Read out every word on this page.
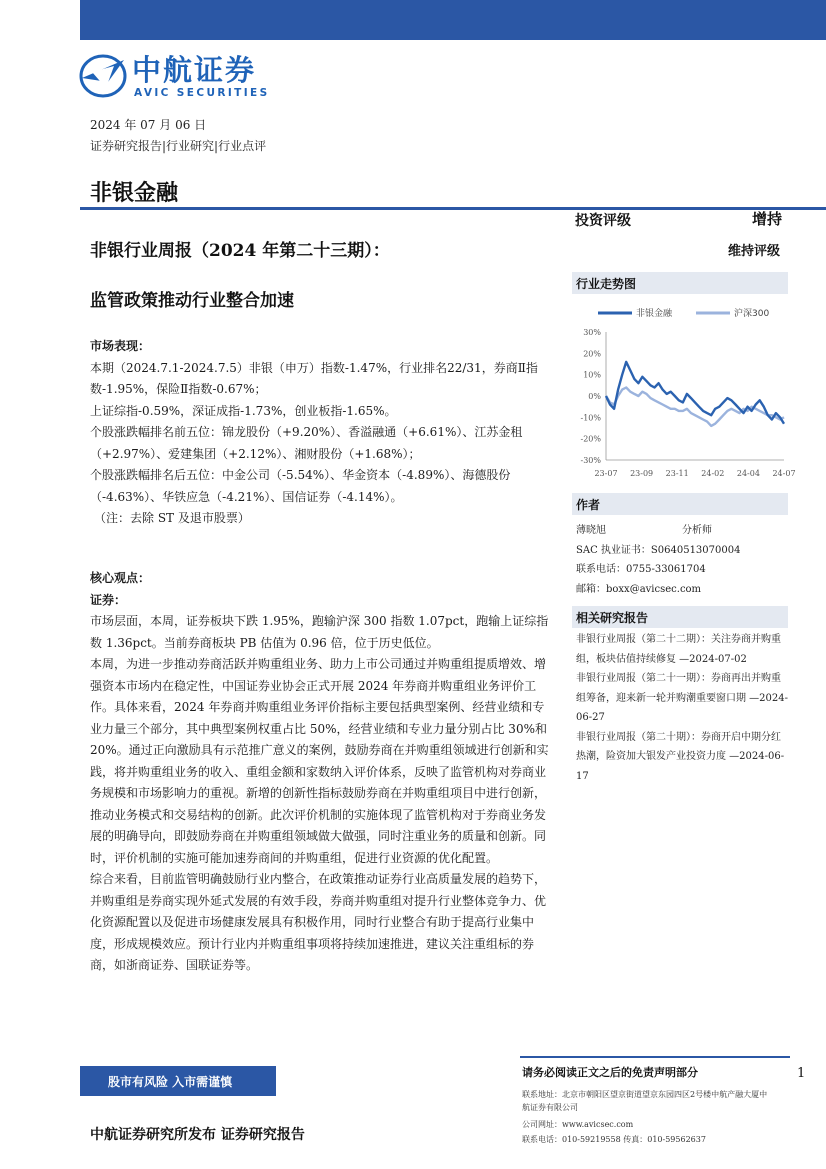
中航证券
AVIC SECURITIES
2024 年 07 月 06 日
证券研究报告|行业研究|行业点评
非银金融
非银行业周报（2024 年第二十三期）：
监管政策推动行业整合加速
投资评级	增持
维持评级
行业走势图
非银金融	沪深300
30%
20%
10%
0%
-10%
-20%
-30%
23-07 23-09 23-11 24-02 24-04 24-07
作者
薄晓旭	分析师
SAC 执业证书：S0640513070004
联系电话：0755-33061704
邮箱：boxx@avicsec.com
相关研究报告
非银行业周报（第二十二期）：关注券商并购重组，板块估值持续修复 —2024-07-02
非银行业周报（第二十一期）：券商再出并购重组筹备，迎来新一轮并购潮重要窗口期 —2024-06-27
非银行业周报（第二十期）：券商开启中期分红热潮，险资加大银发产业投资力度 —2024-06-17

市场表现：

本期（2024.7.1-2024.7.5）非银（申万）指数-1.47%，行业排名22/31，券商Ⅱ指数-1.95%，保险Ⅱ指数-0.67%；

上证综指-0.59%，深证成指-1.73%，创业板指-1.65%。

个股涨跌幅排名前五位：锦龙股份（+9.20%）、香溢融通（+6.61%）、江苏金租（+2.97%）、爱建集团（+2.12%）、湘财股份（+1.68%）；

个股涨跌幅排名后五位：中金公司（-5.54%）、华金资本（-4.89%）、海德股份（-4.63%）、华铁应急（-4.21%）、国信证券（-4.14%）。

（注：去除 ST 及退市股票）

核心观点：

证券：

市场层面，本周，证券板块下跌 1.95%，跑输沪深 300 指数 1.07pct，跑输上证综指数 1.36pct。当前券商板块 PB 估值为 0.96 倍，位于历史低位。

本周，为进一步推动券商活跃并购重组业务、助力上市公司通过并购重组提质增效、增强资本市场内在稳定性，中国证券业协会正式开展 2024 年券商并购重组业务评价工作。具体来看，2024 年券商并购重组业务评价指标主要包括典型案例、经营业绩和专业力量三个部分，其中典型案例权重占比 50%，经营业绩和专业力量分别占比 30%和 20%。通过正向激励具有示范推广意义的案例，鼓励券商在并购重组领域进行创新和实践，将并购重组业务的收入、重组金额和家数纳入评价体系，反映了监管机构对券商业务规模和市场影响力的重视。新增的创新性指标鼓励券商在并购重组项目中进行创新，推动业务模式和交易结构的创新。此次评价机制的实施体现了监管机构对于券商业务发展的明确导向，即鼓励券商在并购重组领域做大做强，同时注重业务的质量和创新。同时，评价机制的实施可能加速券商间的并购重组，促进行业资源的优化配置。

综合来看，目前监管明确鼓励行业内整合，在政策推动证券行业高质量发展的趋势下，并购重组是券商实现外延式发展的有效手段，券商并购重组对提升行业整体竞争力、优化资源配置以及促进市场健康发展具有积极作用，同时行业整合有助于提高行业集中度，形成规模效应。预计行业内并购重组事项将持续加速推进，建议关注重组标的券商，如浙商证券、国联证券等。

股市有风险 入市需谨慎
中航证券研究所发布 证券研究报告
请务必阅读正文之后的免责声明部分	1
联系地址：北京市朝阳区望京街道望京东园四区2号楼中航产融大厦中航证券有限公司
公司网址：www.avicsec.com
联系电话：010-59219558 传真：010-59562637
